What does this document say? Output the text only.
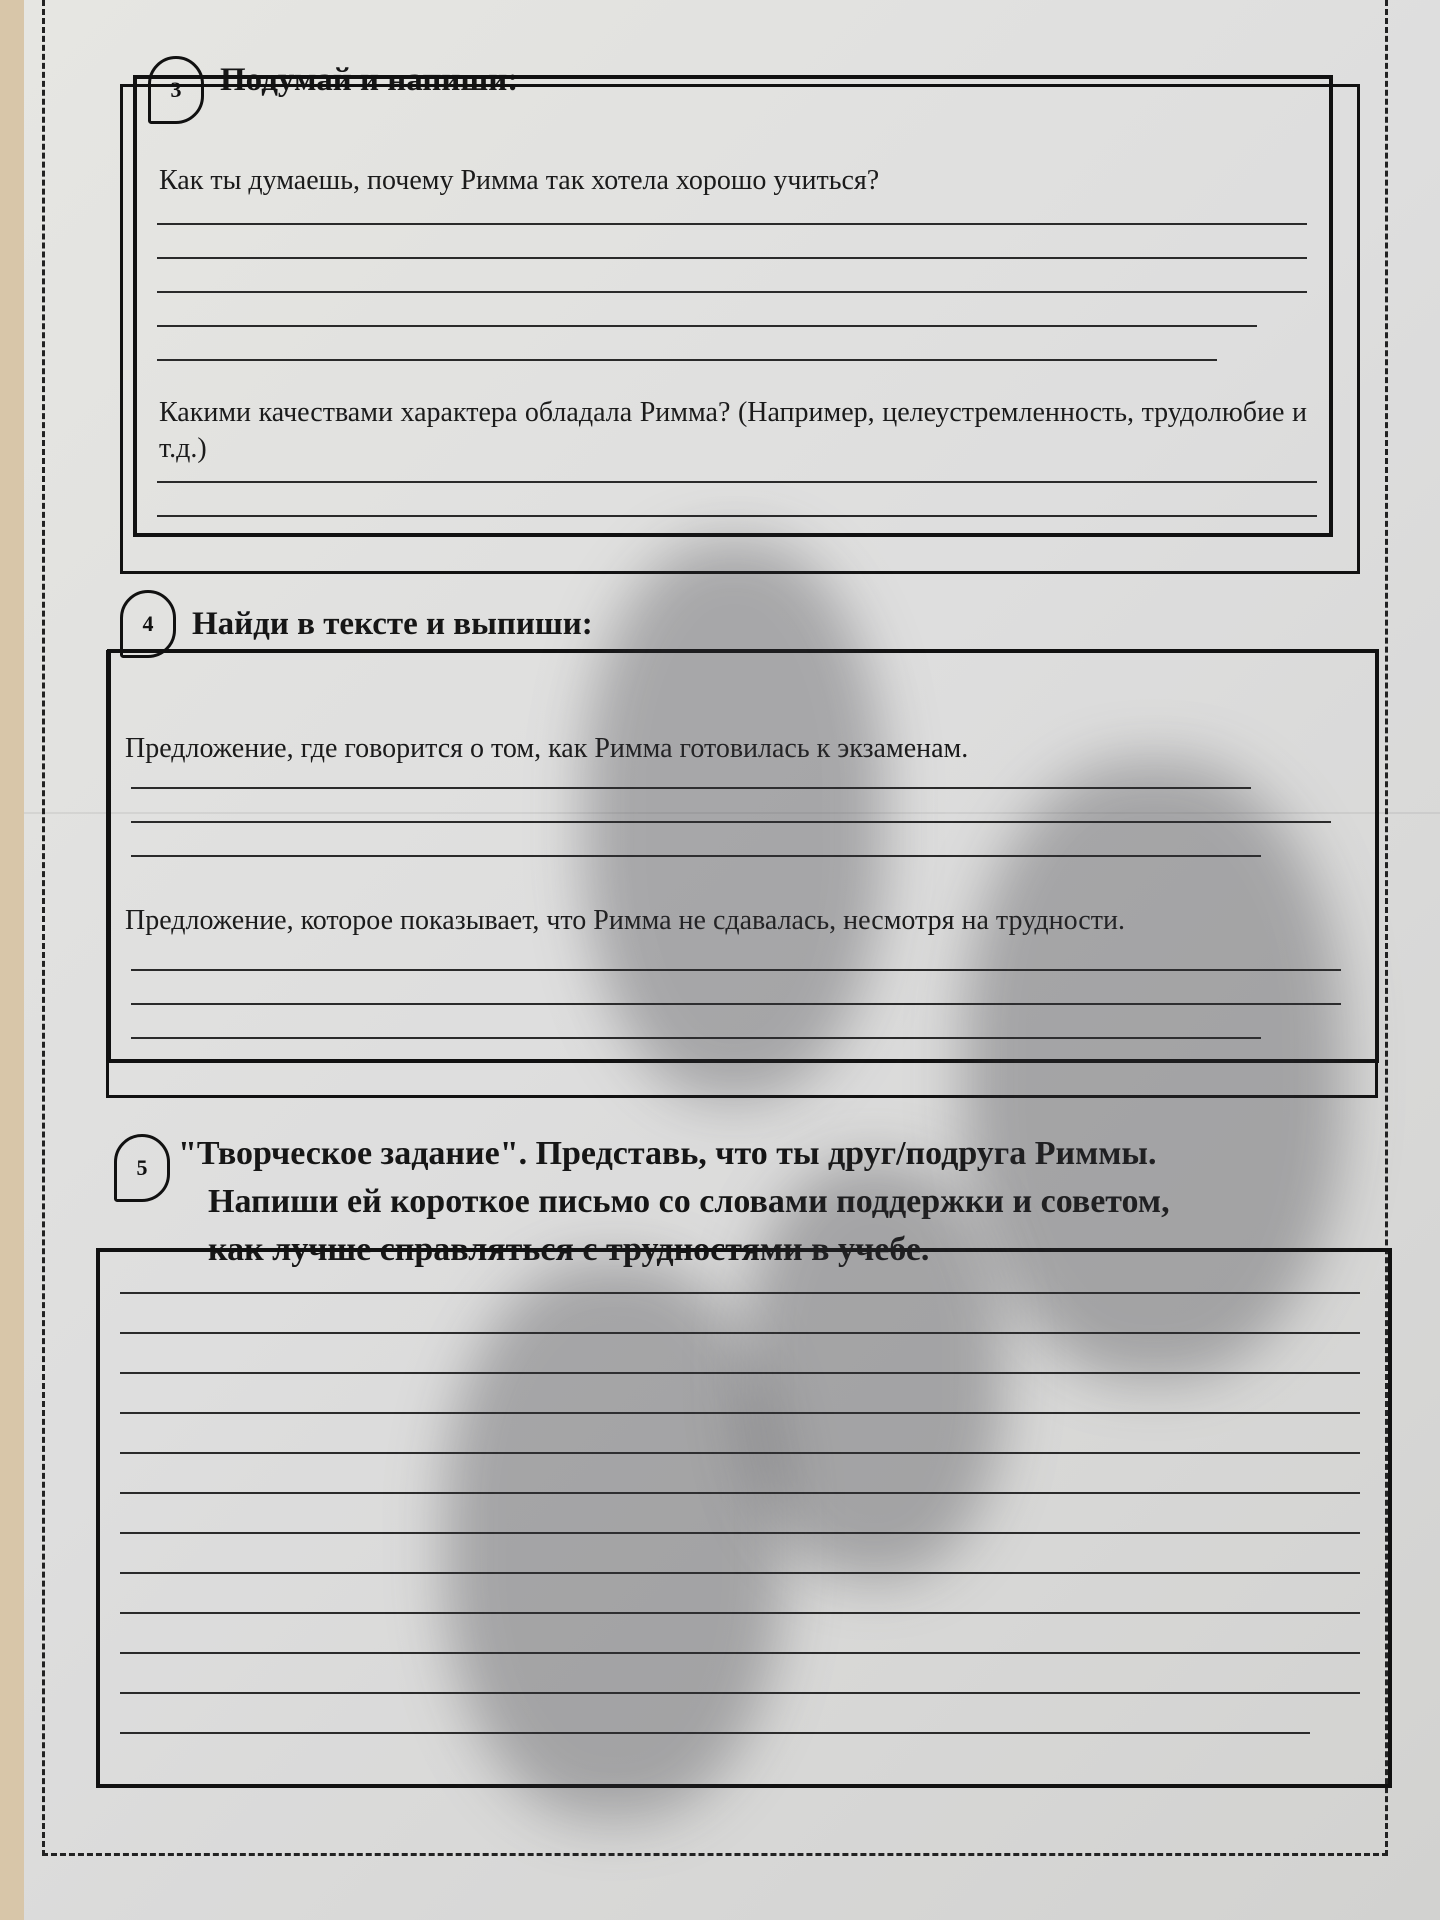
3	Подумай и напиши:
Как ты думаешь, почему Римма так хотела хорошо учиться?
Какими качествами характера обладала Римма? (Например, целеустремленность, трудолюбие и т.д.)
4	Найди в тексте и выпиши:
Предложение, где говорится о том, как Римма готовилась к экзаменам.
Предложение, которое показывает, что Римма не сдавалась, несмотря на трудности.
5 "Творческое задание". Представь, что ты друг/подруга Риммы.
Напиши ей короткое письмо со словами поддержки и советом,
как лучше справляться с трудностями в учебе.
